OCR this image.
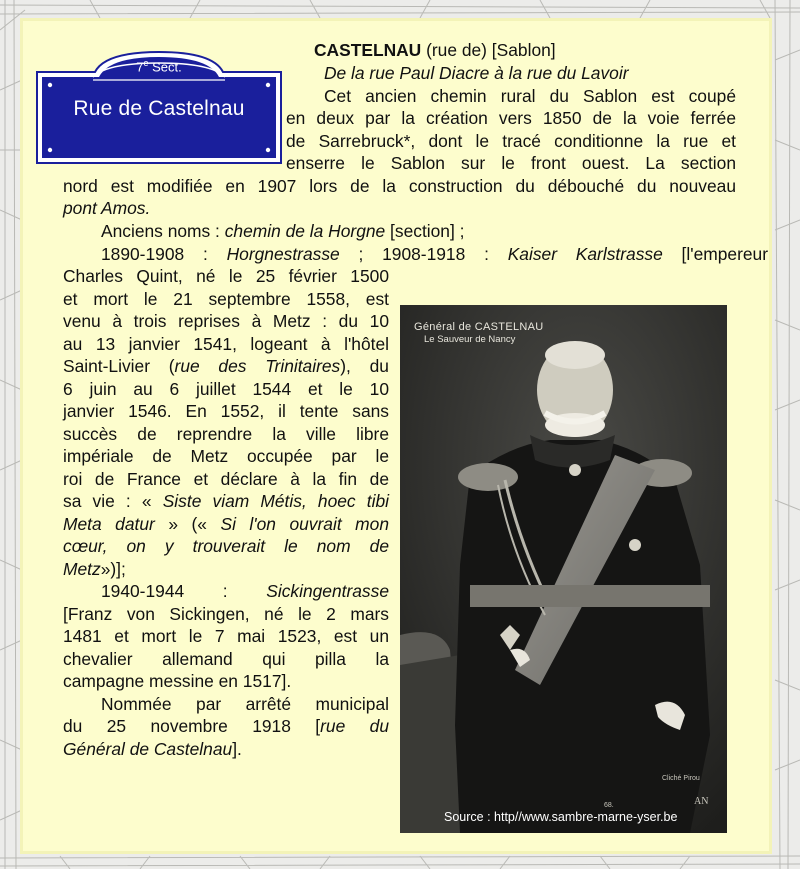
7e Sect.
Rue de Castelnau
CASTELNAU (rue de) [Sablon]
De la rue Paul Diacre à la rue du Lavoir
Cet ancien chemin rural du Sablon est coupé
en deux par la création vers 1850 de la voie ferrée
de Sarrebruck*, dont le tracé conditionne la rue et
enserre le Sablon sur le front ouest. La section
nord est modifiée en 1907 lors de la construction du débouché du nouveau
pont Amos.
Anciens noms : chemin de la Horgne [section] ;
1890-1908 : Horgnestrasse ; 1908-1918 : Kaiser Karlstrasse [l'empereur
Charles Quint, né le 25 février 1500
et mort le 21 septembre 1558, est
venu à trois reprises à Metz : du 10
au 13 janvier 1541, logeant à l'hôtel
Saint-Livier (rue des Trinitaires), du
6 juin au 6 juillet 1544 et le 10
janvier 1546. En 1552, il tente sans
succès de reprendre la ville libre
impériale de Metz occupée par le
roi de France et déclare à la fin de
sa vie : « Siste viam Métis, hoec tibi
Meta datur » (« Si l'on ouvrait mon
cœur, on y trouverait le nom de
Metz»)];
1940-1944 : Sickingentrasse
[Franz von Sickingen, né le 2 mars
1481 et mort le 7 mai 1523, est un
chevalier allemand qui pilla la
campagne messine en 1517].
Nommée par arrêté municipal
du 25 novembre 1918 [rue du
Général de Castelnau].
Général de CASTELNAU
Le Sauveur de Nancy
Cliché Pirou
68.	AN
Source : http//www.sambre-marne-yser.be
